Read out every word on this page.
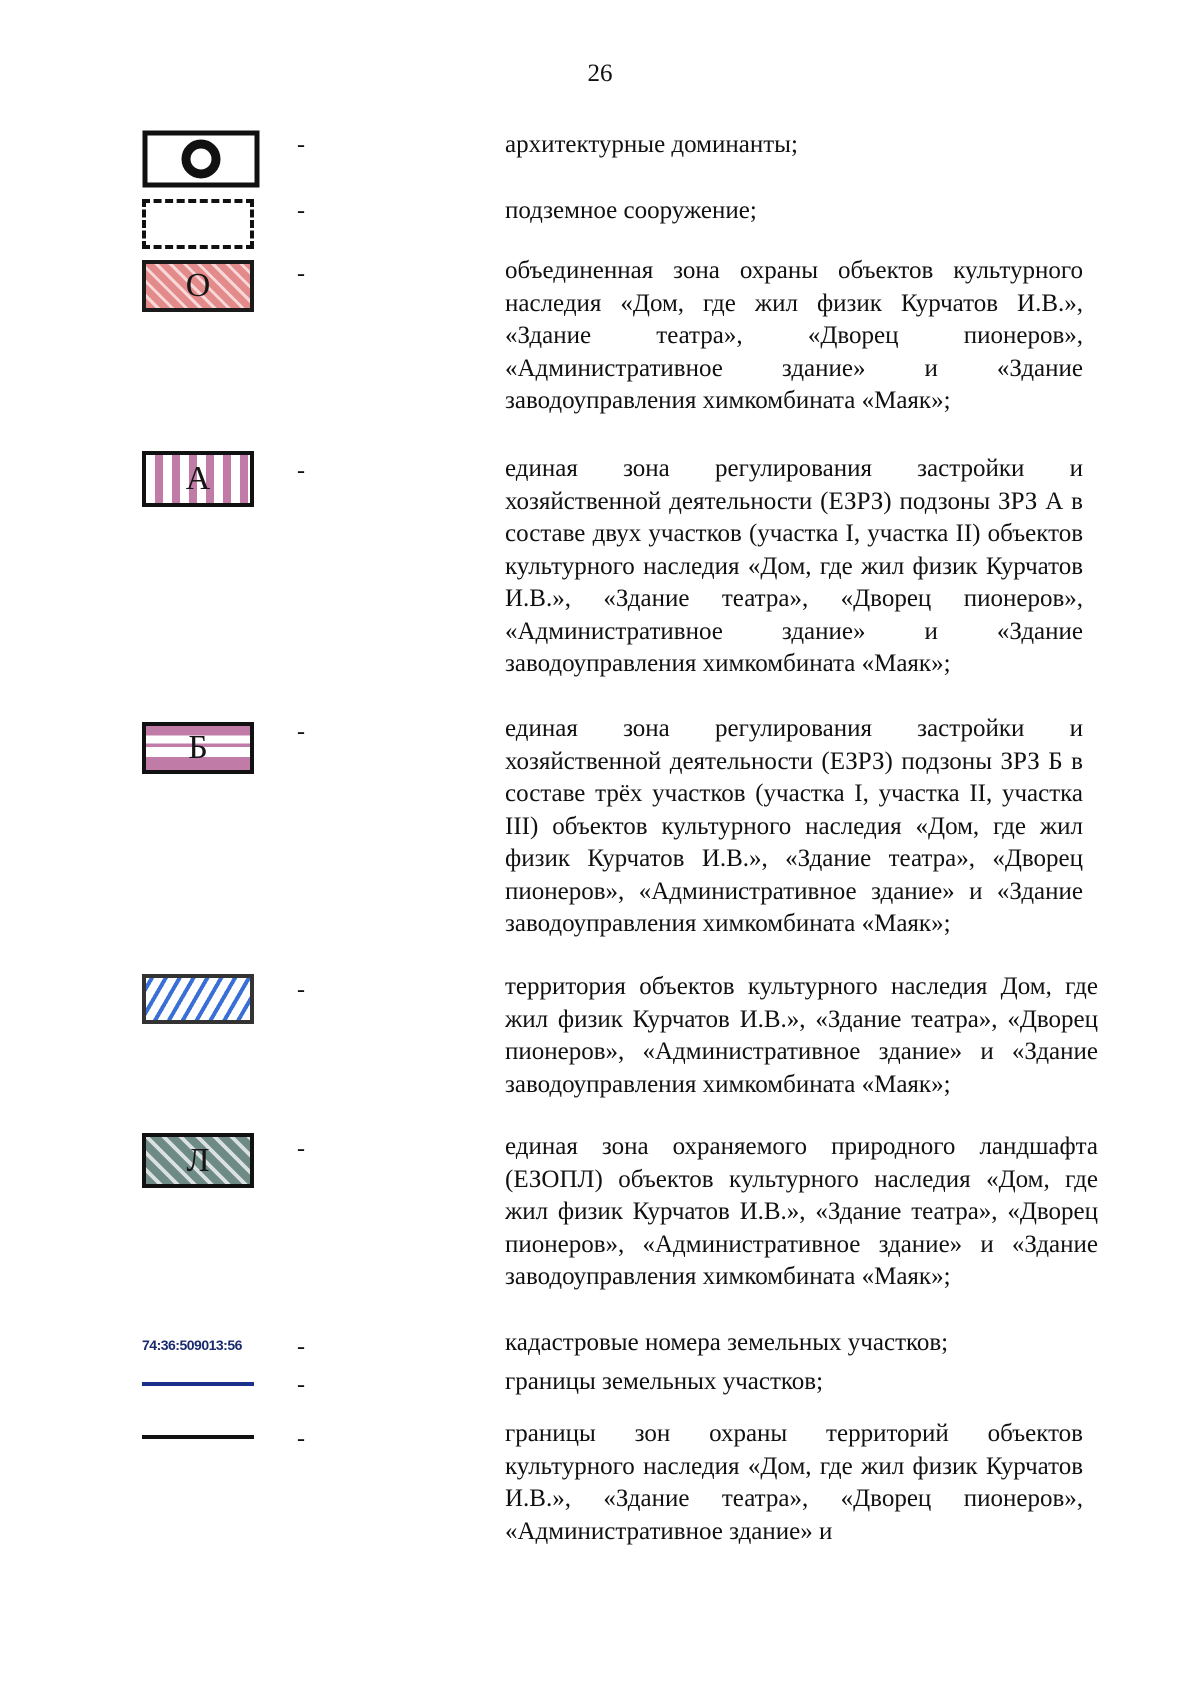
26
-	архитектурные доминанты;
-	подземное сооружение;
О	-	объединенная зона охраны объектов культурного наследия «Дом, где жил физик Курчатов И.В.», «Здание театра», «Дворец пионеров», «Административное здание» и «Здание заводоуправления химкомбината «Маяк»;
А	-	единая зона регулирования застройки и хозяйственной деятельности (ЕЗРЗ) подзоны ЗРЗ А в составе двух участков (участка I, участка II) объектов культурного наследия «Дом, где жил физик Курчатов И.В.», «Здание театра», «Дворец пионеров», «Административное здание» и «Здание заводоуправления химкомбината «Маяк»;
Б	-	единая зона регулирования застройки и хозяйственной деятельности (ЕЗРЗ) подзоны ЗРЗ Б в составе трёх участков (участка I, участка II, участка III) объектов культурного наследия «Дом, где жил физик Курчатов И.В.», «Здание театра», «Дворец пионеров», «Административное здание» и «Здание заводоуправления химкомбината «Маяк»;
-	территория объектов культурного наследия Дом, где жил физик Курчатов И.В.», «Здание театра», «Дворец пионеров», «Административное здание» и «Здание заводоуправления химкомбината «Маяк»;
Л	-	единая зона охраняемого природного ландшафта (ЕЗОПЛ) объектов культурного наследия «Дом, где жил физик Курчатов И.В.», «Здание театра», «Дворец пионеров», «Административное здание» и «Здание заводоуправления химкомбината «Маяк»;
74:36:509013:56 -	кадастровые номера земельных участков;
-	границы земельных участков;
-	границы зон охраны территорий объектов культурного наследия «Дом, где жил физик Курчатов И.В.», «Здание театра», «Дворец пионеров», «Административное здание» и
